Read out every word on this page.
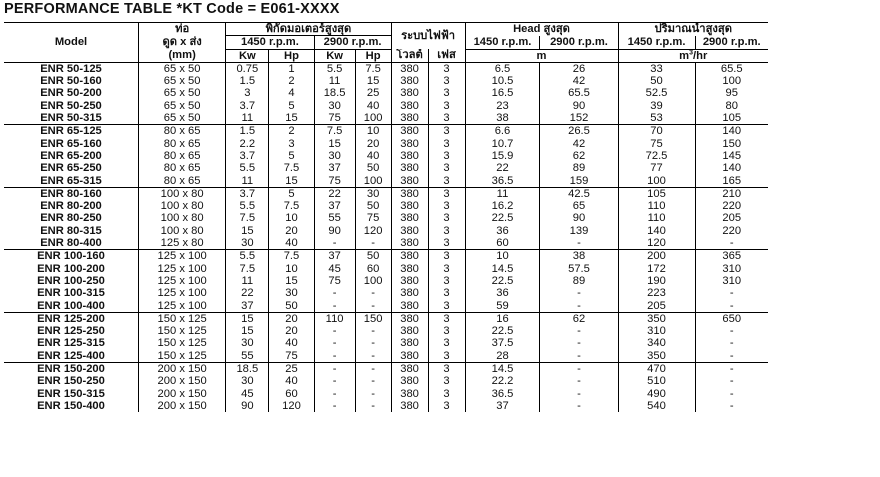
PERFORMANCE TABLE *KT Code = E061-XXXX
Model	ท่อ	พิกัดมอเตอร์สูงสุด				ระบบไฟฟ้า		Head สูงสุด		ปริมาณน้ำสูงสุด	
	ดูด x ส่ง	1450 r.p.m.		2900 r.p.m.				1450 r.p.m.	2900 r.p.m.	1450 r.p.m.	2900 r.p.m.
	(mm)	Kw	Hp	Kw	Hp	โวลต์	เฟส	m		$m^3/hr$	
ENR 50-125	65 x 50	0.75	1	5.5	7.5	380	3	6.5	26	33	65.5
ENR 50-160	65 x 50	1.5	2	11	15	380	3	10.5	42	50	100
ENR 50-200	65 x 50	3	4	18.5	25	380	3	16.5	65.5	52.5	95
ENR 50-250	65 x 50	3.7	5	30	40	380	3	23	90	39	80
ENR 50-315	65 x 50	11	15	75	100	380	3	38	152	53	105
ENR 65-125	80 x 65	1.5	2	7.5	10	380	3	6.6	26.5	70	140
ENR 65-160	80 x 65	2.2	3	15	20	380	3	10.7	42	75	150
ENR 65-200	80 x 65	3.7	5	30	40	380	3	15.9	62	72.5	145
ENR 65-250	80 x 65	5.5	7.5	37	50	380	3	22	89	77	140
ENR 65-315	80 x 65	11	15	75	100	380	3	36.5	159	100	165
ENR 80-160	100 x 80	3.7	5	22	30	380	3	11	42.5	105	210
ENR 80-200	100 x 80	5.5	7.5	37	50	380	3	16.2	65	110	220
ENR 80-250	100 x 80	7.5	10	55	75	380	3	22.5	90	110	205
ENR 80-315	100 x 80	15	20	90	120	380	3	36	139	140	220
ENR 80-400	125 x 80	30	40	-	-	380	3	60	-	120	-
ENR 100-160	125 x 100	5.5	7.5	37	50	380	3	10	38	200	365
ENR 100-200	125 x 100	7.5	10	45	60	380	3	14.5	57.5	172	310
ENR 100-250	125 x 100	11	15	75	100	380	3	22.5	89	190	310
ENR 100-315	125 x 100	22	30	-	-	380	3	36	-	223	-
ENR 100-400	125 x 100	37	50	-	-	380	3	59	-	205	-
ENR 125-200	150 x 125	15	20	110	150	380	3	16	62	350	650
ENR 125-250	150 x 125	15	20	-	-	380	3	22.5	-	310	-
ENR 125-315	150 x 125	30	40	-	-	380	3	37.5	-	340	-
ENR 125-400	150 x 125	55	75	-	-	380	3	28	-	350	-
ENR 150-200	200 x 150	18.5	25	-	-	380	3	14.5	-	470	-
ENR 150-250	200 x 150	30	40	-	-	380	3	22.2	-	510	-
ENR 150-315	200 x 150	45	60	-	-	380	3	36.5	-	490	-
ENR 150-400	200 x 150	90	120	-	-	380	3	37	-	540	-
